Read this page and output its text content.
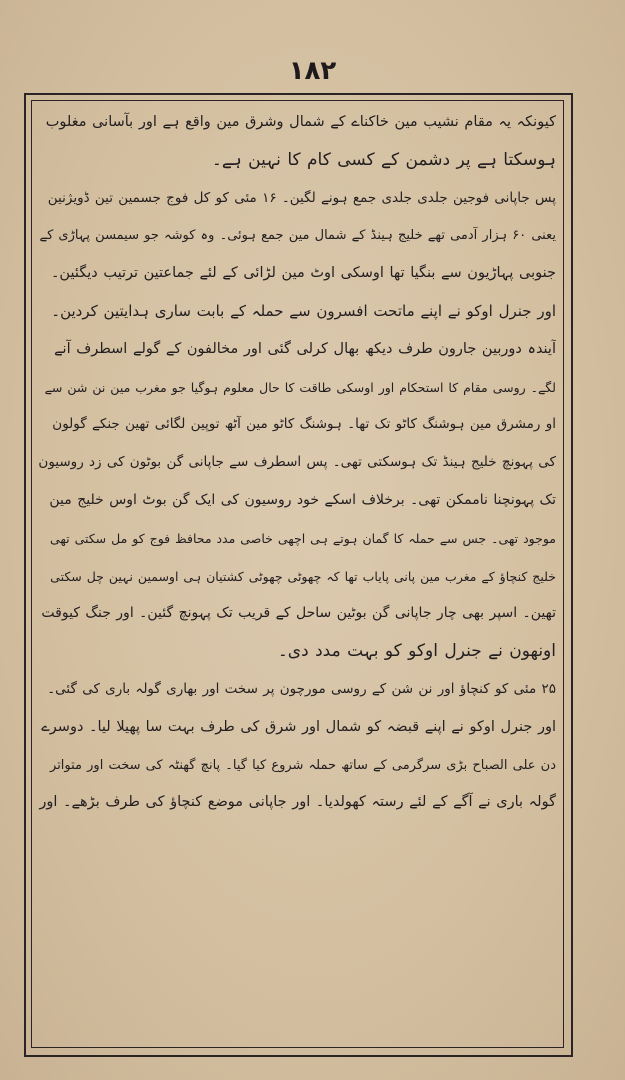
۱۸۲
کیونکہ یہ مقام نشیب مین خاکناے کے شمال وشرق مین واقع ہے اور بآسانی مغلوب
ہوسکتا ہے پر دشمن کے کسی کام کا نہین ہے۔
پس جاپانی فوجین جلدی جلدی جمع ہونے لگین۔ ۱۶ مئی کو کل فوج جسمین تین ڈویژنین
یعنی ۶۰ ہزار آدمی تھے خلیج ہینڈ کے شمال مین جمع ہوئی۔ وہ کوشہ جو سیمسن پہاڑی کے
جنوبی پہاڑیون سے بنگیا تھا اوسکی اوٹ مین لڑائی کے لئے جماعتین ترتیب دیگئین۔
اور جنرل اوکو نے اپنے ماتحت افسرون سے حملہ کے بابت ساری ہدایتین کردین۔
آیندہ دوربین جارون طرف دیکھ بھال کرلی گئی اور مخالفون کے گولے اسطرف آنے
لگے۔ روسی مقام کا استحکام اور اوسکی طاقت کا حال معلوم ہوگیا جو مغرب مین نن شن سے
او رمشرق مین ہوشنگ کاٹو تک تھا۔ ہوشنگ کاٹو مین آٹھ توپین لگائی تھین جنکے گولون
کی پہونچ خلیج ہینڈ تک ہوسکتی تھی۔ پس اسطرف سے جاپانی گن بوٹون کی زد روسیون
تک پہونچنا ناممکن تھی۔ برخلاف اسکے خود روسیون کی ایک گن بوٹ اوس خلیج مین
موجود تھی۔ جس سے حملہ کا گمان ہوتے ہی اچھی خاصی مدد محافظ فوج کو مل سکتی تھی
خلیج کنچاؤ کے مغرب مین پانی پایاب تھا کہ چھوٹی چھوٹی کشتیان ہی اوسمین نہین چل سکتی
تھین۔ اسپر بھی چار جاپانی گن بوٹین ساحل کے قریب تک پہونچ گئین۔ اور جنگ کیوقت
اونھون نے جنرل اوکو کو بہت مدد دی۔
۲۵ مئی کو کنچاؤ اور نن شن کے روسی مورچون پر سخت اور بھاری گولہ باری کی گئی۔
اور جنرل اوکو نے اپنے قبضہ کو شمال اور شرق کی طرف بہت سا پھیلا لیا۔ دوسرے
دن علی الصباح بڑی سرگرمی کے ساتھ حملہ شروع کیا گیا۔ پانچ گھنٹہ کی سخت اور متواتر
گولہ باری نے آگے کے لئے رستہ کھولدیا۔ اور جاپانی موضع کنچاؤ کی طرف بڑھے۔ اور
